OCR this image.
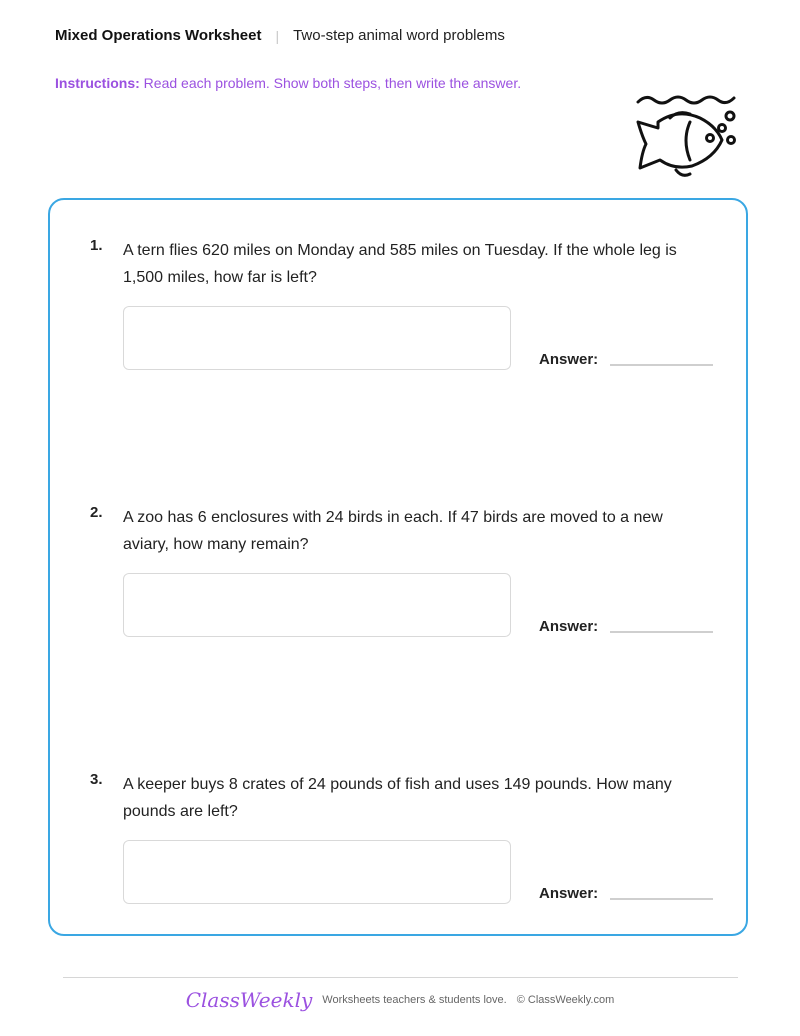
Mixed Operations Worksheet | Two-step animal word problems
Instructions: Read each problem. Show both steps, then write the answer.
1. A tern flies 620 miles on Monday and 585 miles on Tuesday. If the whole leg is 1,500 miles, how far is left?
Answer:
2. A zoo has 6 enclosures with 24 birds in each. If 47 birds are moved to a new aviary, how many remain?
Answer:
3. A keeper buys 8 crates of 24 pounds of fish and uses 149 pounds. How many pounds are left?
Answer:
ClassWeekly Worksheets teachers & students love. © ClassWeekly.com
